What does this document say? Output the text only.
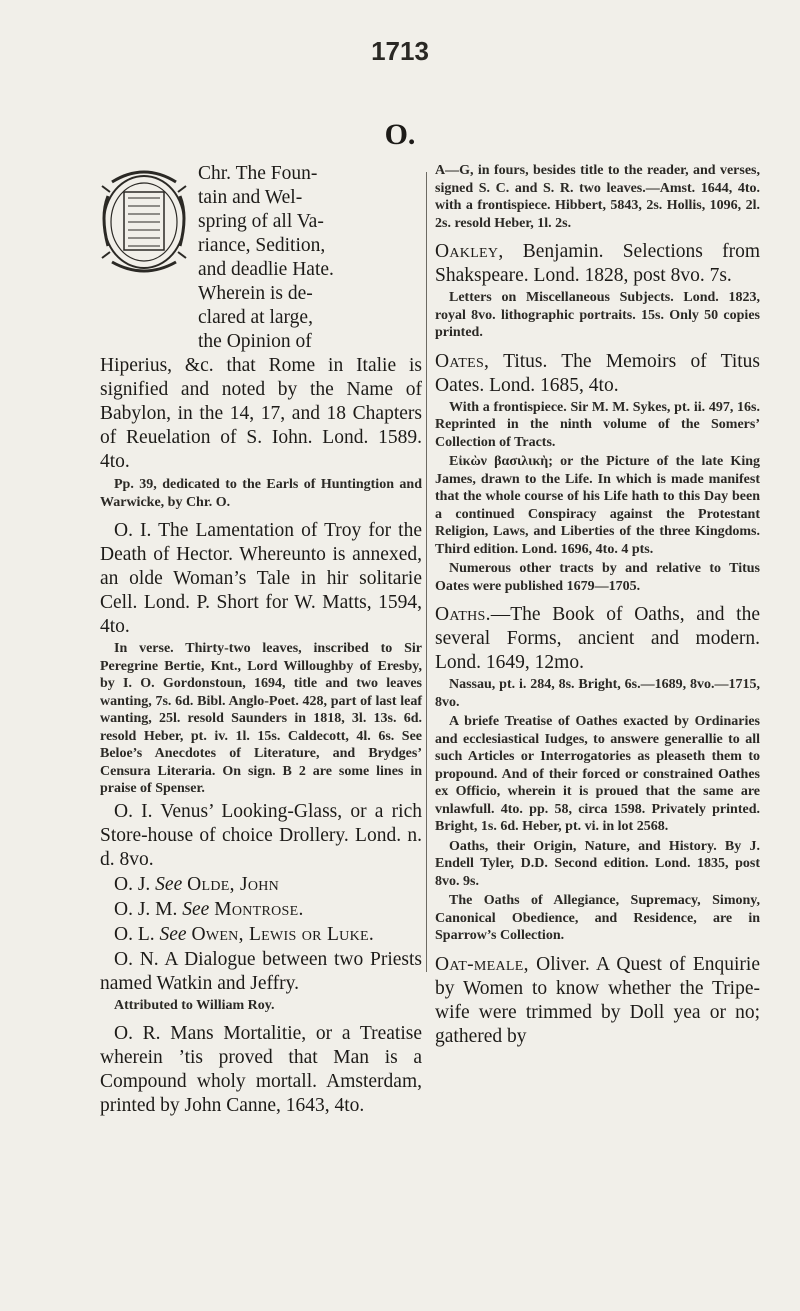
1713
O.
Chr. The Foun-
tain and Wel-
spring of all Va-
riance, Sedition,
and deadlie Hate.
Wherein is de-
clared at large,
the Opinion of

Hiperius, &c. that Rome in Italie is signified and noted by the Name of Babylon, in the 14, 17, and 18 Chapters of Reuelation of S. Iohn. Lond. 1589. 4to.

Pp. 39, dedicated to the Earls of Huntingtion and Warwicke, by Chr. O.

O. I. The Lamentation of Troy for the Death of Hector. Whereunto is annexed, an olde Woman’s Tale in hir solitarie Cell. Lond. P. Short for W. Matts, 1594, 4to.

In verse. Thirty-two leaves, inscribed to Sir Peregrine Bertie, Knt., Lord Willoughby of Eresby, by I. O. Gordonstoun, 1694, title and two leaves wanting, 7s. 6d. Bibl. Anglo-Poet. 428, part of last leaf wanting, 25l. resold Saunders in 1818, 3l. 13s. 6d. resold Heber, pt. iv. 1l. 15s. Caldecott, 4l. 6s. See Beloe’s Anecdotes of Literature, and Brydges’ Censura Literaria. On sign. B 2 are some lines in praise of Spenser.

O. I. Venus’ Looking-Glass, or a rich Store-house of choice Drollery. Lond. n. d. 8vo.

O. J. See Olde, John

O. J. M. See Montrose.

O. L. See Owen, Lewis or Luke.

O. N. A Dialogue between two Priests named Watkin and Jeffry.

Attributed to William Roy.

O. R. Mans Mortalitie, or a Treatise wherein ’tis proved that Man is a Compound wholy mortall. Amsterdam, printed by John Canne, 1643, 4to.

A—G, in fours, besides title to the reader, and verses, signed S. C. and S. R. two leaves.—Amst. 1644, 4to. with a frontispiece. Hibbert, 5843, 2s. Hollis, 1096, 2l. 2s. resold Heber, 1l. 2s.

Oakley, Benjamin. Selections from Shakspeare. Lond. 1828, post 8vo. 7s.

Letters on Miscellaneous Subjects. Lond. 1823, royal 8vo. lithographic portraits. 15s. Only 50 copies printed.

Oates, Titus. The Memoirs of Titus Oates. Lond. 1685, 4to.

With a frontispiece. Sir M. M. Sykes, pt. ii. 497, 16s. Reprinted in the ninth volume of the Somers’ Collection of Tracts.

Εἰκὼν βασιλικὴ; or the Picture of the late King James, drawn to the Life. In which is made manifest that the whole course of his Life hath to this Day been a continued Conspiracy against the Protestant Religion, Laws, and Liberties of the three Kingdoms. Third edition. Lond. 1696, 4to. 4 pts.

Numerous other tracts by and relative to Titus Oates were published 1679—1705.

Oaths.—The Book of Oaths, and the several Forms, ancient and modern. Lond. 1649, 12mo.

Nassau, pt. i. 284, 8s. Bright, 6s.—1689, 8vo.—1715, 8vo.

A briefe Treatise of Oathes exacted by Ordinaries and ecclesiastical Iudges, to answere generallie to all such Articles or Interrogatories as pleaseth them to propound. And of their forced or constrained Oathes ex Officio, wherein it is proued that the same are vnlawfull. 4to. pp. 58, circa 1598. Privately printed. Bright, 1s. 6d. Heber, pt. vi. in lot 2568.

Oaths, their Origin, Nature, and History. By J. Endell Tyler, D.D. Second edition. Lond. 1835, post 8vo. 9s.

The Oaths of Allegiance, Supremacy, Simony, Canonical Obedience, and Residence, are in Sparrow’s Collection.

Oat-meale, Oliver. A Quest of Enquirie by Women to know whether the Tripe-wife were trimmed by Doll yea or no; gathered by
